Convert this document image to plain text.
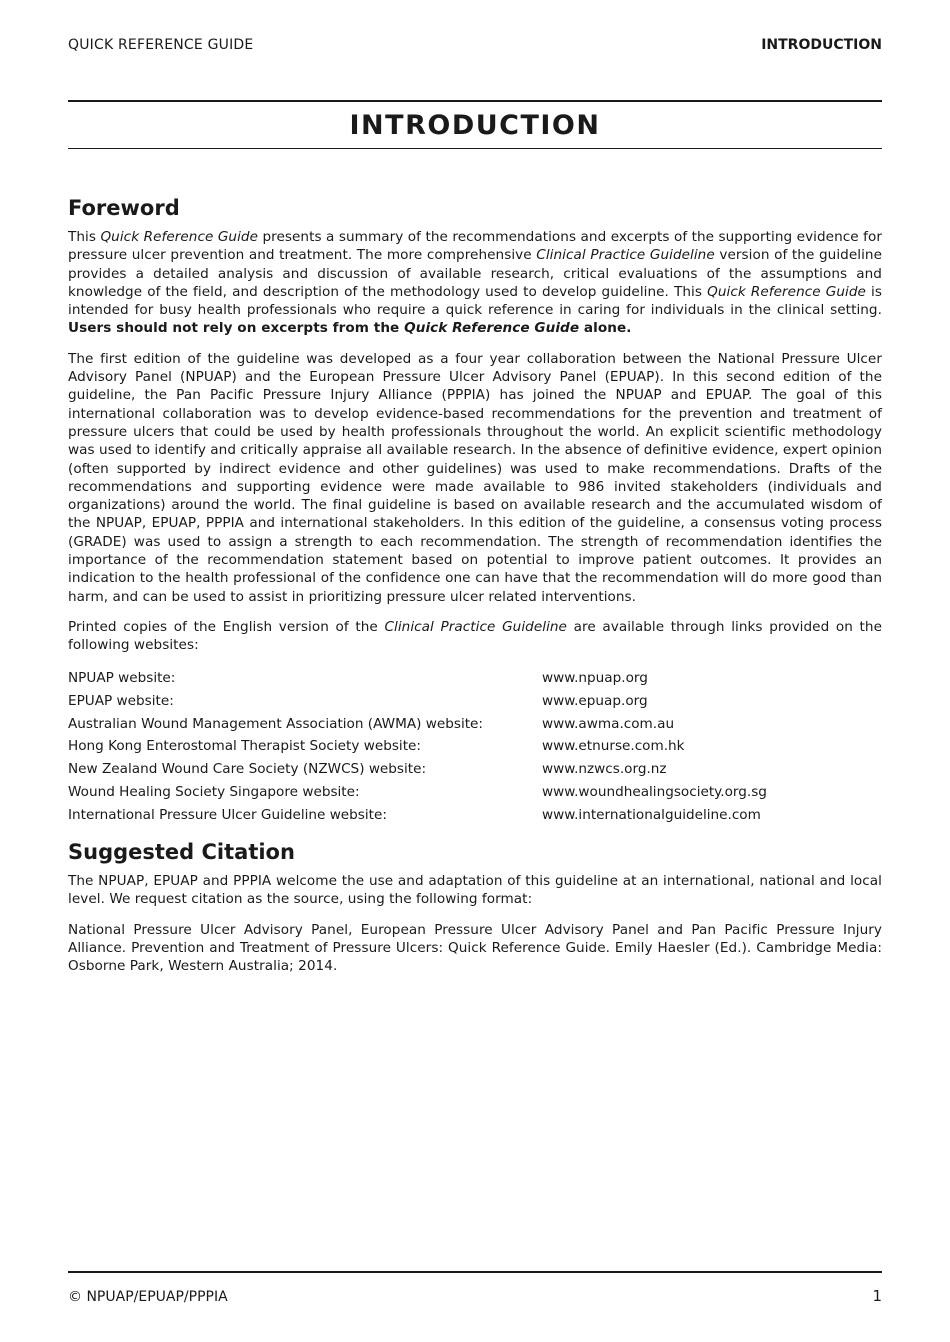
QUICK REFERENCE GUIDE	INTRODUCTION
INTRODUCTION
Foreword

This Quick Reference Guide presents a summary of the recommendations and excerpts of the supporting evidence for pressure ulcer prevention and treatment. The more comprehensive Clinical Practice Guideline version of the guideline provides a detailed analysis and discussion of available research, critical evaluations of the assumptions and knowledge of the field, and description of the methodology used to develop guideline. This Quick Reference Guide is intended for busy health professionals who require a quick reference in caring for individuals in the clinical setting. Users should not rely on excerpts from the Quick Reference Guide alone.

The first edition of the guideline was developed as a four year collaboration between the National Pressure Ulcer Advisory Panel (NPUAP) and the European Pressure Ulcer Advisory Panel (EPUAP). In this second edition of the guideline, the Pan Pacific Pressure Injury Alliance (PPPIA) has joined the NPUAP and EPUAP. The goal of this international collaboration was to develop evidence-based recommendations for the prevention and treatment of pressure ulcers that could be used by health professionals throughout the world. An explicit scientific methodology was used to identify and critically appraise all available research. In the absence of definitive evidence, expert opinion (often supported by indirect evidence and other guidelines) was used to make recommendations. Drafts of the recommendations and supporting evidence were made available to 986 invited stakeholders (individuals and organizations) around the world. The final guideline is based on available research and the accumulated wisdom of the NPUAP, EPUAP, PPPIA and international stakeholders. In this edition of the guideline, a consensus voting process (GRADE) was used to assign a strength to each recommendation. The strength of recommendation identifies the importance of the recommendation statement based on potential to improve patient outcomes. It provides an indication to the health professional of the confidence one can have that the recommendation will do more good than harm, and can be used to assist in prioritizing pressure ulcer related interventions.

Printed copies of the English version of the Clinical Practice Guideline are available through links provided on the following websites:

NPUAP website:	www.npuap.org
EPUAP website:	www.epuap.org
Australian Wound Management Association (AWMA) website:	www.awma.com.au
Hong Kong Enterostomal Therapist Society website:	www.etnurse.com.hk
New Zealand Wound Care Society (NZWCS) website:	www.nzwcs.org.nz
Wound Healing Society Singapore website:	www.woundhealingsociety.org.sg
International Pressure Ulcer Guideline website:	www.internationalguideline.com
Suggested Citation

The NPUAP, EPUAP and PPPIA welcome the use and adaptation of this guideline at an international, national and local level. We request citation as the source, using the following format:

National Pressure Ulcer Advisory Panel, European Pressure Ulcer Advisory Panel and Pan Pacific Pressure Injury Alliance. Prevention and Treatment of Pressure Ulcers: Quick Reference Guide. Emily Haesler (Ed.). Cambridge Media: Osborne Park, Western Australia; 2014.

© NPUAP/EPUAP/PPPIA	1
